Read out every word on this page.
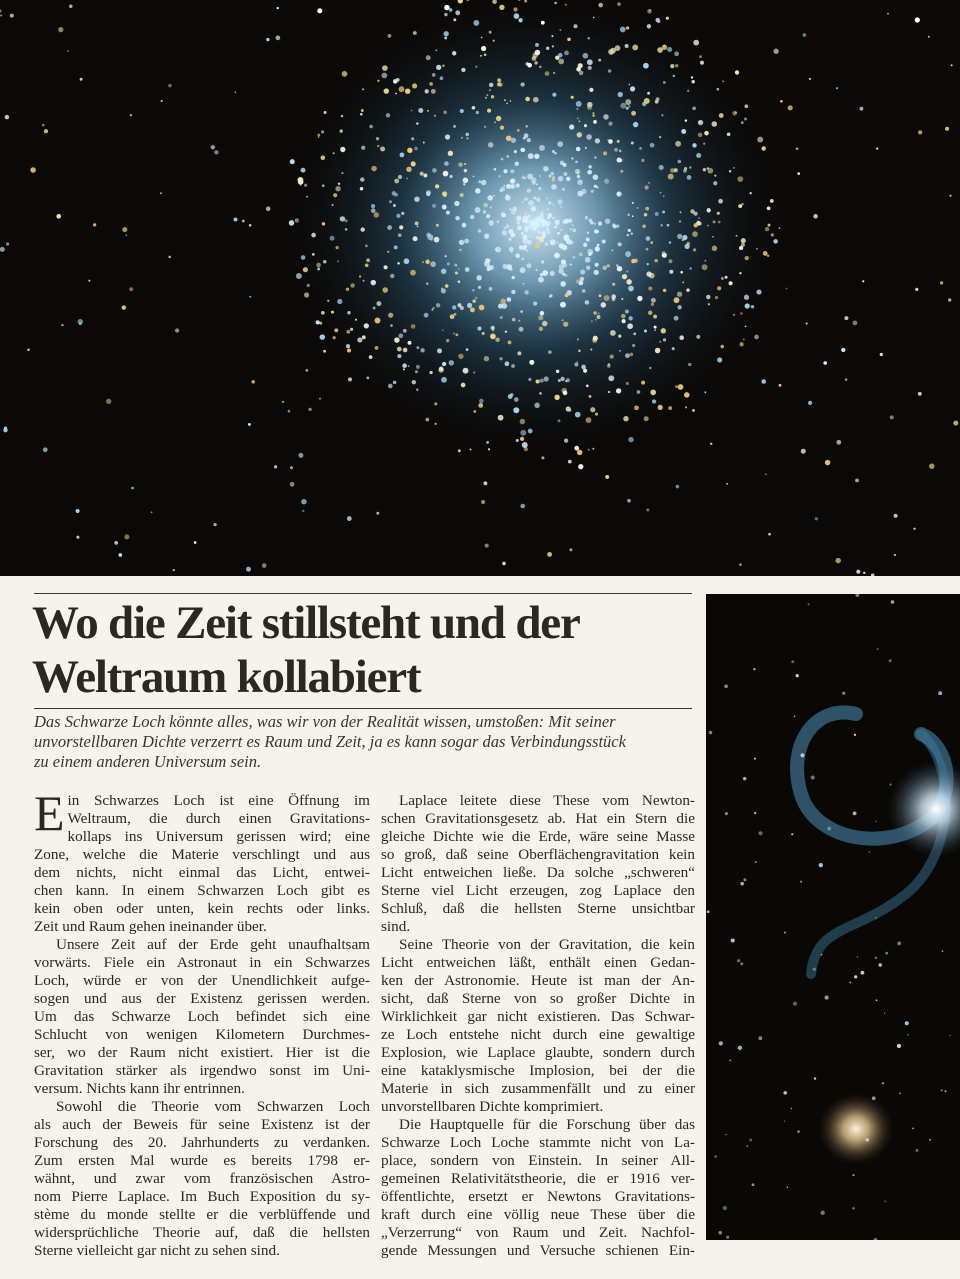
Wo die Zeit stillsteht und der
Weltraum kollabiert

Das Schwarze Loch könnte alles, was wir von der Realität wissen, umstoßen: Mit seiner
unvorstellbaren Dichte verzerrt es Raum und Zeit, ja es kann sogar das Verbindungsstück
zu einem anderen Universum sein.

E in Schwarzes Loch ist eine Öffnung im
Weltraum, die durch einen Gravitations-
kollaps ins Universum gerissen wird; eine
Zone, welche die Materie verschlingt und aus
dem nichts, nicht einmal das Licht, entwei-
chen kann. In einem Schwarzen Loch gibt es
kein oben oder unten, kein rechts oder links.
Zeit und Raum gehen ineinander über.
Unsere Zeit auf der Erde geht unaufhaltsam
vorwärts. Fiele ein Astronaut in ein Schwarzes
Loch, würde er von der Unendlichkeit aufge-
sogen und aus der Existenz gerissen werden.
Um das Schwarze Loch befindet sich eine
Schlucht von wenigen Kilometern Durchmes-
ser, wo der Raum nicht existiert. Hier ist die
Gravitation stärker als irgendwo sonst im Uni-
versum. Nichts kann ihr entrinnen.
Sowohl die Theorie vom Schwarzen Loch
als auch der Beweis für seine Existenz ist der
Forschung des 20. Jahrhunderts zu verdanken.
Zum ersten Mal wurde es bereits 1798 er-
wähnt, und zwar vom französischen Astro-
nom Pierre Laplace. Im Buch Exposition du sy-
stème du monde stellte er die verblüffende und
widersprüchliche Theorie auf, daß die hellsten
Sterne vielleicht gar nicht zu sehen sind.
Laplace leitete diese These vom Newton-
schen Gravitationsgesetz ab. Hat ein Stern die
gleiche Dichte wie die Erde, wäre seine Masse
so groß, daß seine Oberflächengravitation kein
Licht entweichen ließe. Da solche „schweren“
Sterne viel Licht erzeugen, zog Laplace den
Schluß, daß die hellsten Sterne unsichtbar
sind.
Seine Theorie von der Gravitation, die kein
Licht entweichen läßt, enthält einen Gedan-
ken der Astronomie. Heute ist man der An-
sicht, daß Sterne von so großer Dichte in
Wirklichkeit gar nicht existieren. Das Schwar-
ze Loch entstehe nicht durch eine gewaltige
Explosion, wie Laplace glaubte, sondern durch
eine kataklysmische Implosion, bei der die
Materie in sich zusammenfällt und zu einer
unvorstellbaren Dichte komprimiert.
Die Hauptquelle für die Forschung über das
Schwarze Loch Loche stammte nicht von La-
place, sondern von Einstein. In seiner All-
gemeinen Relativitätstheorie, die er 1916 ver-
öffentlichte, ersetzt er Newtons Gravitations-
kraft durch eine völlig neue These über die
„Verzerrung“ von Raum und Zeit. Nachfol-
gende Messungen und Versuche schienen Ein-
